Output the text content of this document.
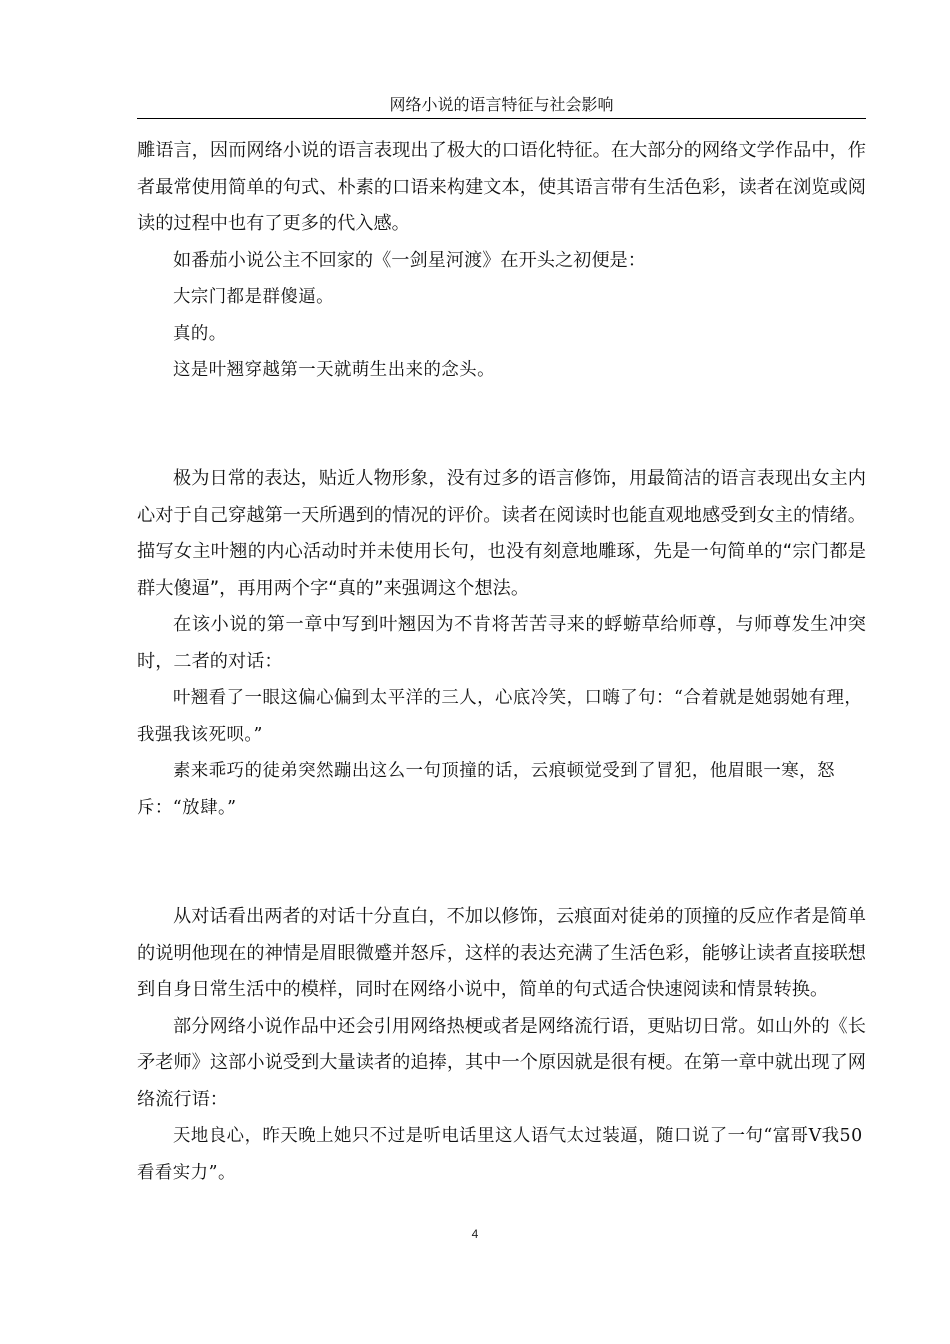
网络小说的语言特征与社会影响

雕语言，因而网络小说的语言表现出了极大的口语化特征。在大部分的网络文学作品中，作者最常使用简单的句式、朴素的口语来构建文本，使其语言带有生活色彩，读者在浏览或阅读的过程中也有了更多的代入感。

如番茄小说公主不回家的《一剑星河渡》在开头之初便是：

大宗门都是群傻逼。

真的。

这是叶翘穿越第一天就萌生出来的念头。

极为日常的表达，贴近人物形象，没有过多的语言修饰，用最简洁的语言表现出女主内心对于自己穿越第一天所遇到的情况的评价。读者在阅读时也能直观地感受到女主的情绪。描写女主叶翘的内心活动时并未使用长句，也没有刻意地雕琢，先是一句简单的“宗门都是群大傻逼”，再用两个字“真的”来强调这个想法。

在该小说的第一章中写到叶翘因为不肯将苦苦寻来的蜉蝣草给师尊，与师尊发生冲突时，二者的对话：

叶翘看了一眼这偏心偏到太平洋的三人，心底冷笑，口嗨了句：“合着就是她弱她有理，我强我该死呗。”

素来乖巧的徒弟突然蹦出这么一句顶撞的话，云痕顿觉受到了冒犯，他眉眼一寒，怒斥：“放肆。”

从对话看出两者的对话十分直白，不加以修饰，云痕面对徒弟的顶撞的反应作者是简单的说明他现在的神情是眉眼微蹙并怒斥，这样的表达充满了生活色彩，能够让读者直接联想到自身日常生活中的模样，同时在网络小说中，简单的句式适合快速阅读和情景转换。

部分网络小说作品中还会引用网络热梗或者是网络流行语，更贴切日常。如山外的《长矛老师》这部小说受到大量读者的追捧，其中一个原因就是很有梗。在第一章中就出现了网络流行语：

天地良心，昨天晚上她只不过是听电话里这人语气太过装逼，随口说了一句“富哥V我50看看实力”。

4
